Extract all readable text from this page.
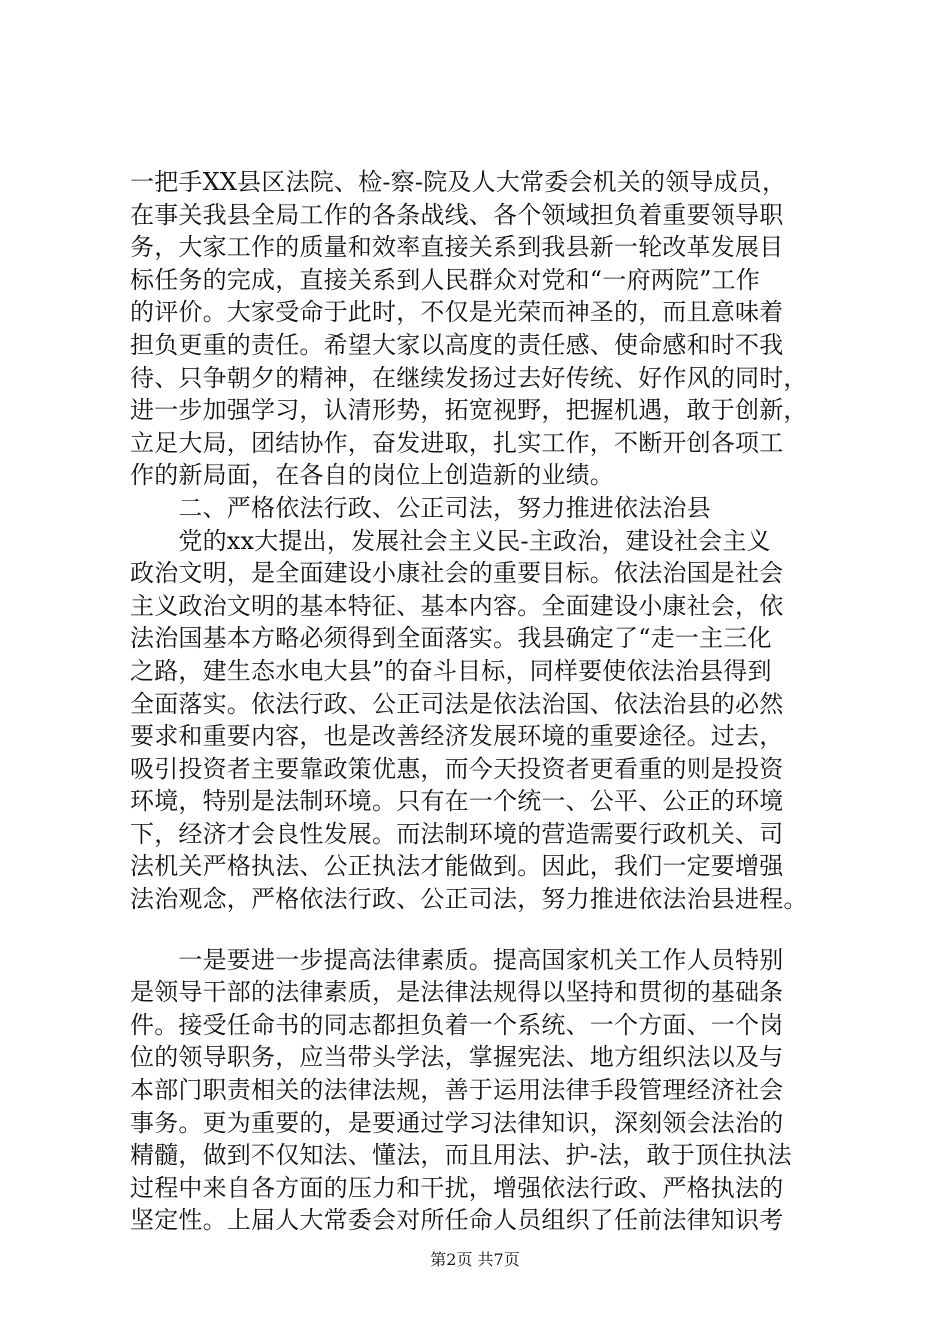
一把手XX县区法院、检-察-院及人大常委会机关的领导成员，
在事关我县全局工作的各条战线、各个领域担负着重要领导职
务，大家工作的质量和效率直接关系到我县新一轮改革发展目
标任务的完成，直接关系到人民群众对党和“一府两院”工作
的评价。大家受命于此时，不仅是光荣而神圣的，而且意味着
担负更重的责任。希望大家以高度的责任感、使命感和时不我
待、只争朝夕的精神，在继续发扬过去好传统、好作风的同时，
进一步加强学习，认清形势，拓宽视野，把握机遇，敢于创新，
立足大局，团结协作，奋发进取，扎实工作，不断开创各项工
作的新局面，在各自的岗位上创造新的业绩。
　　二、严格依法行政、公正司法，努力推进依法治县
　　党的xx大提出，发展社会主义民-主政治，建设社会主义
政治文明，是全面建设小康社会的重要目标。依法治国是社会
主义政治文明的基本特征、基本内容。全面建设小康社会，依
法治国基本方略必须得到全面落实。我县确定了“走一主三化
之路，建生态水电大县”的奋斗目标，同样要使依法治县得到
全面落实。依法行政、公正司法是依法治国、依法治县的必然
要求和重要内容，也是改善经济发展环境的重要途径。过去，
吸引投资者主要靠政策优惠，而今天投资者更看重的则是投资
环境，特别是法制环境。只有在一个统一、公平、公正的环境
下，经济才会良性发展。而法制环境的营造需要行政机关、司
法机关严格执法、公正执法才能做到。因此，我们一定要增强
法治观念，严格依法行政、公正司法，努力推进依法治县进程。
　　一是要进一步提高法律素质。提高国家机关工作人员特别
是领导干部的法律素质，是法律法规得以坚持和贯彻的基础条
件。接受任命书的同志都担负着一个系统、一个方面、一个岗
位的领导职务，应当带头学法，掌握宪法、地方组织法以及与
本部门职责相关的法律法规，善于运用法律手段管理经济社会
事务。更为重要的，是要通过学习法律知识，深刻领会法治的
精髓，做到不仅知法、懂法，而且用法、护-法，敢于顶住执法
过程中来自各方面的压力和干扰，增强依法行政、严格执法的
坚定性。上届人大常委会对所任命人员组织了任前法律知识考
第2页 共7页
